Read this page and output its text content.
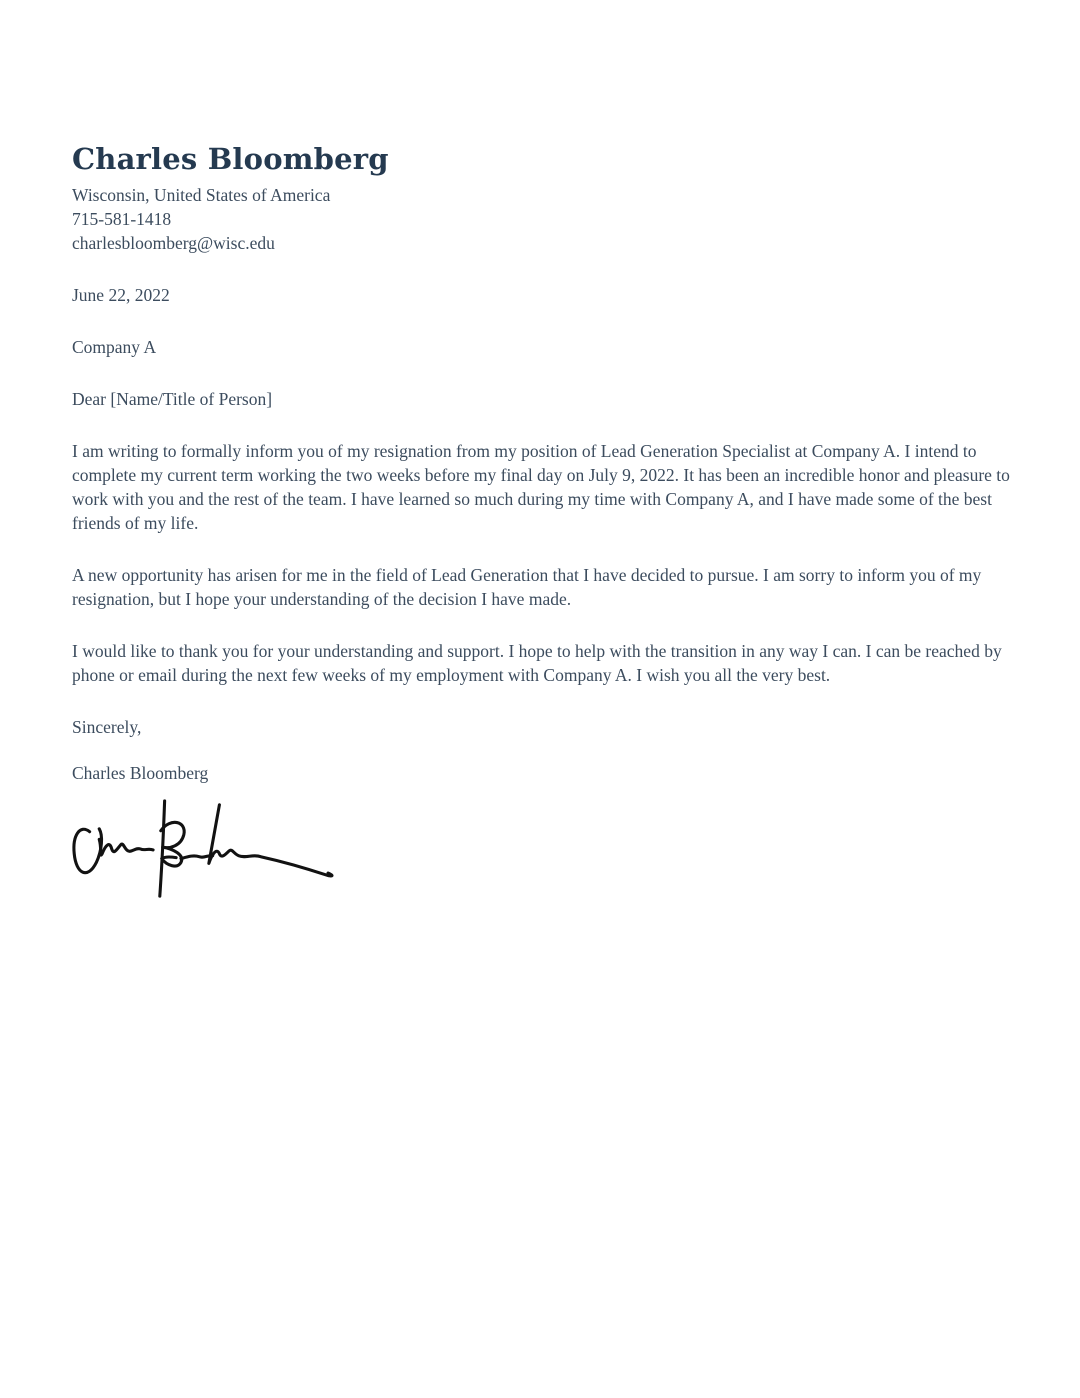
Charles Bloomberg
Wisconsin, United States of America
715-581-1418
charlesbloomberg@wisc.edu
June 22, 2022
Company A
Dear [Name/Title of Person]
I am writing to formally inform you of my resignation from my position of Lead Generation Specialist at Company A. I intend to complete my current term working the two weeks before my final day on July 9, 2022. It has been an incredible honor and pleasure to work with you and the rest of the team. I have learned so much during my time with Company A, and I have made some of the best friends of my life.
A new opportunity has arisen for me in the field of Lead Generation that I have decided to pursue. I am sorry to inform you of my resignation, but I hope your understanding of the decision I have made.
I would like to thank you for your understanding and support. I hope to help with the transition in any way I can. I can be reached by phone or email during the next few weeks of my employment with Company A. I wish you all the very best.
Sincerely,
Charles Bloomberg
